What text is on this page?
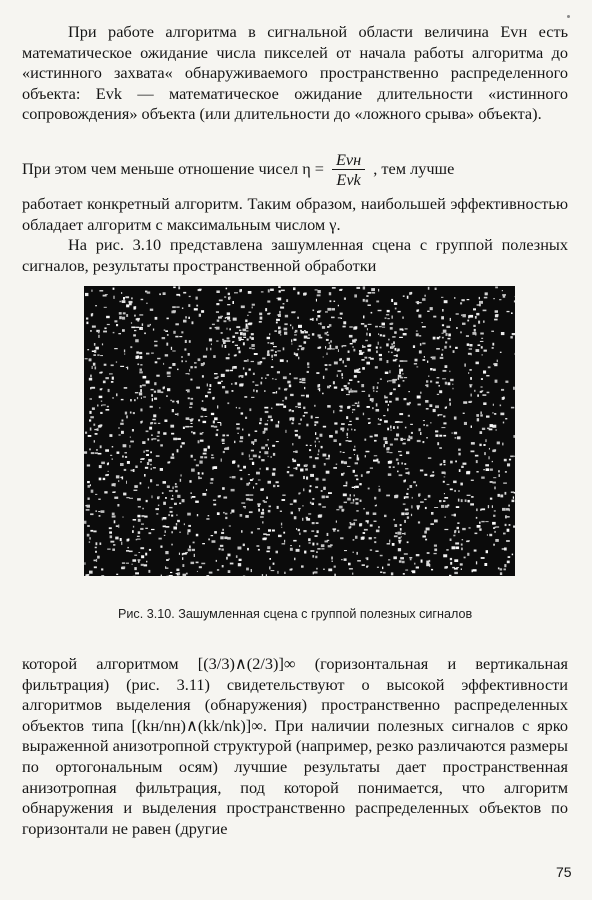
При работе алгоритма в сигнальной области величина Evн есть математическое ожидание числа пикселей от начала работы алгоритма до «истинного захвата« обнаруживаемого пространственно распределенного объекта: Evk — математическое ожидание длительности «истинного сопровождения» объекта (или длительности до «ложного срыва» объекта).

При этом чем меньше отношение чисел $\eta = \frac{\text{Evн}}{\text{Evk}}$ , тем лучше

работает конкретный алгоритм. Таким образом, наибольшей эффективностью обладает алгоритм с максимальным числом γ.

На рис. 3.10 представлена зашумленная сцена с группой полезных сигналов, результаты пространственной обработки

Рис. 3.10. Зашумленная сцена с группой полезных сигналов

которой алгоритмом [(3/3)∧(2/3)]∞ (горизонтальная и вертикальная фильтрация) (рис. 3.11) свидетельствуют о высокой эффективности алгоритмов выделения (обнаружения) пространственно распределенных объектов типа [(kн/nн)∧(kk/nk)]∞. При наличии полезных сигналов с ярко выраженной анизотропной структурой (например, резко различаются размеры по ортогональным осям) лучшие результаты дает пространственная анизотропная фильтрация, под которой понимается, что алгоритм обнаружения и выделения пространственно распределенных объектов по горизонтали не равен (другие

75
